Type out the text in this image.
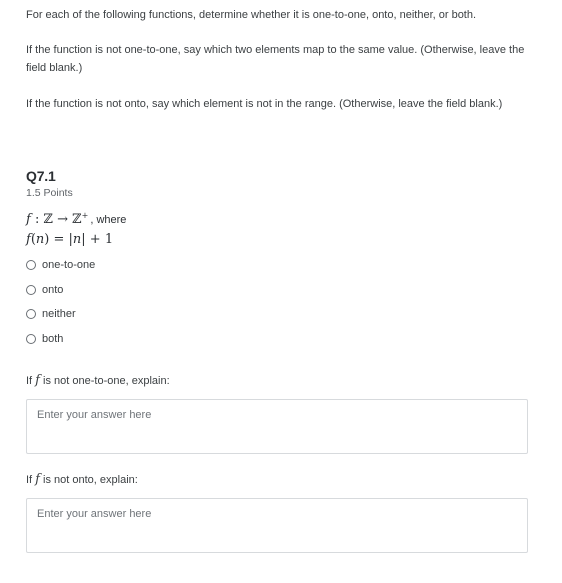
For each of the following functions, determine whether it is one-to-one, onto, neither, or both.

If the function is not one-to-one, say which two elements map to the same value. (Otherwise, leave the field blank.)

If the function is not onto, say which element is not in the range. (Otherwise, leave the field blank.)

Q7.1
1.5 Points
f : ℤ → ℤ+ , where
f(n) = |n| + 1
one-to-one
onto
neither
both
If f is not one-to-one, explain:
Enter your answer here
If f is not onto, explain:
Enter your answer here
